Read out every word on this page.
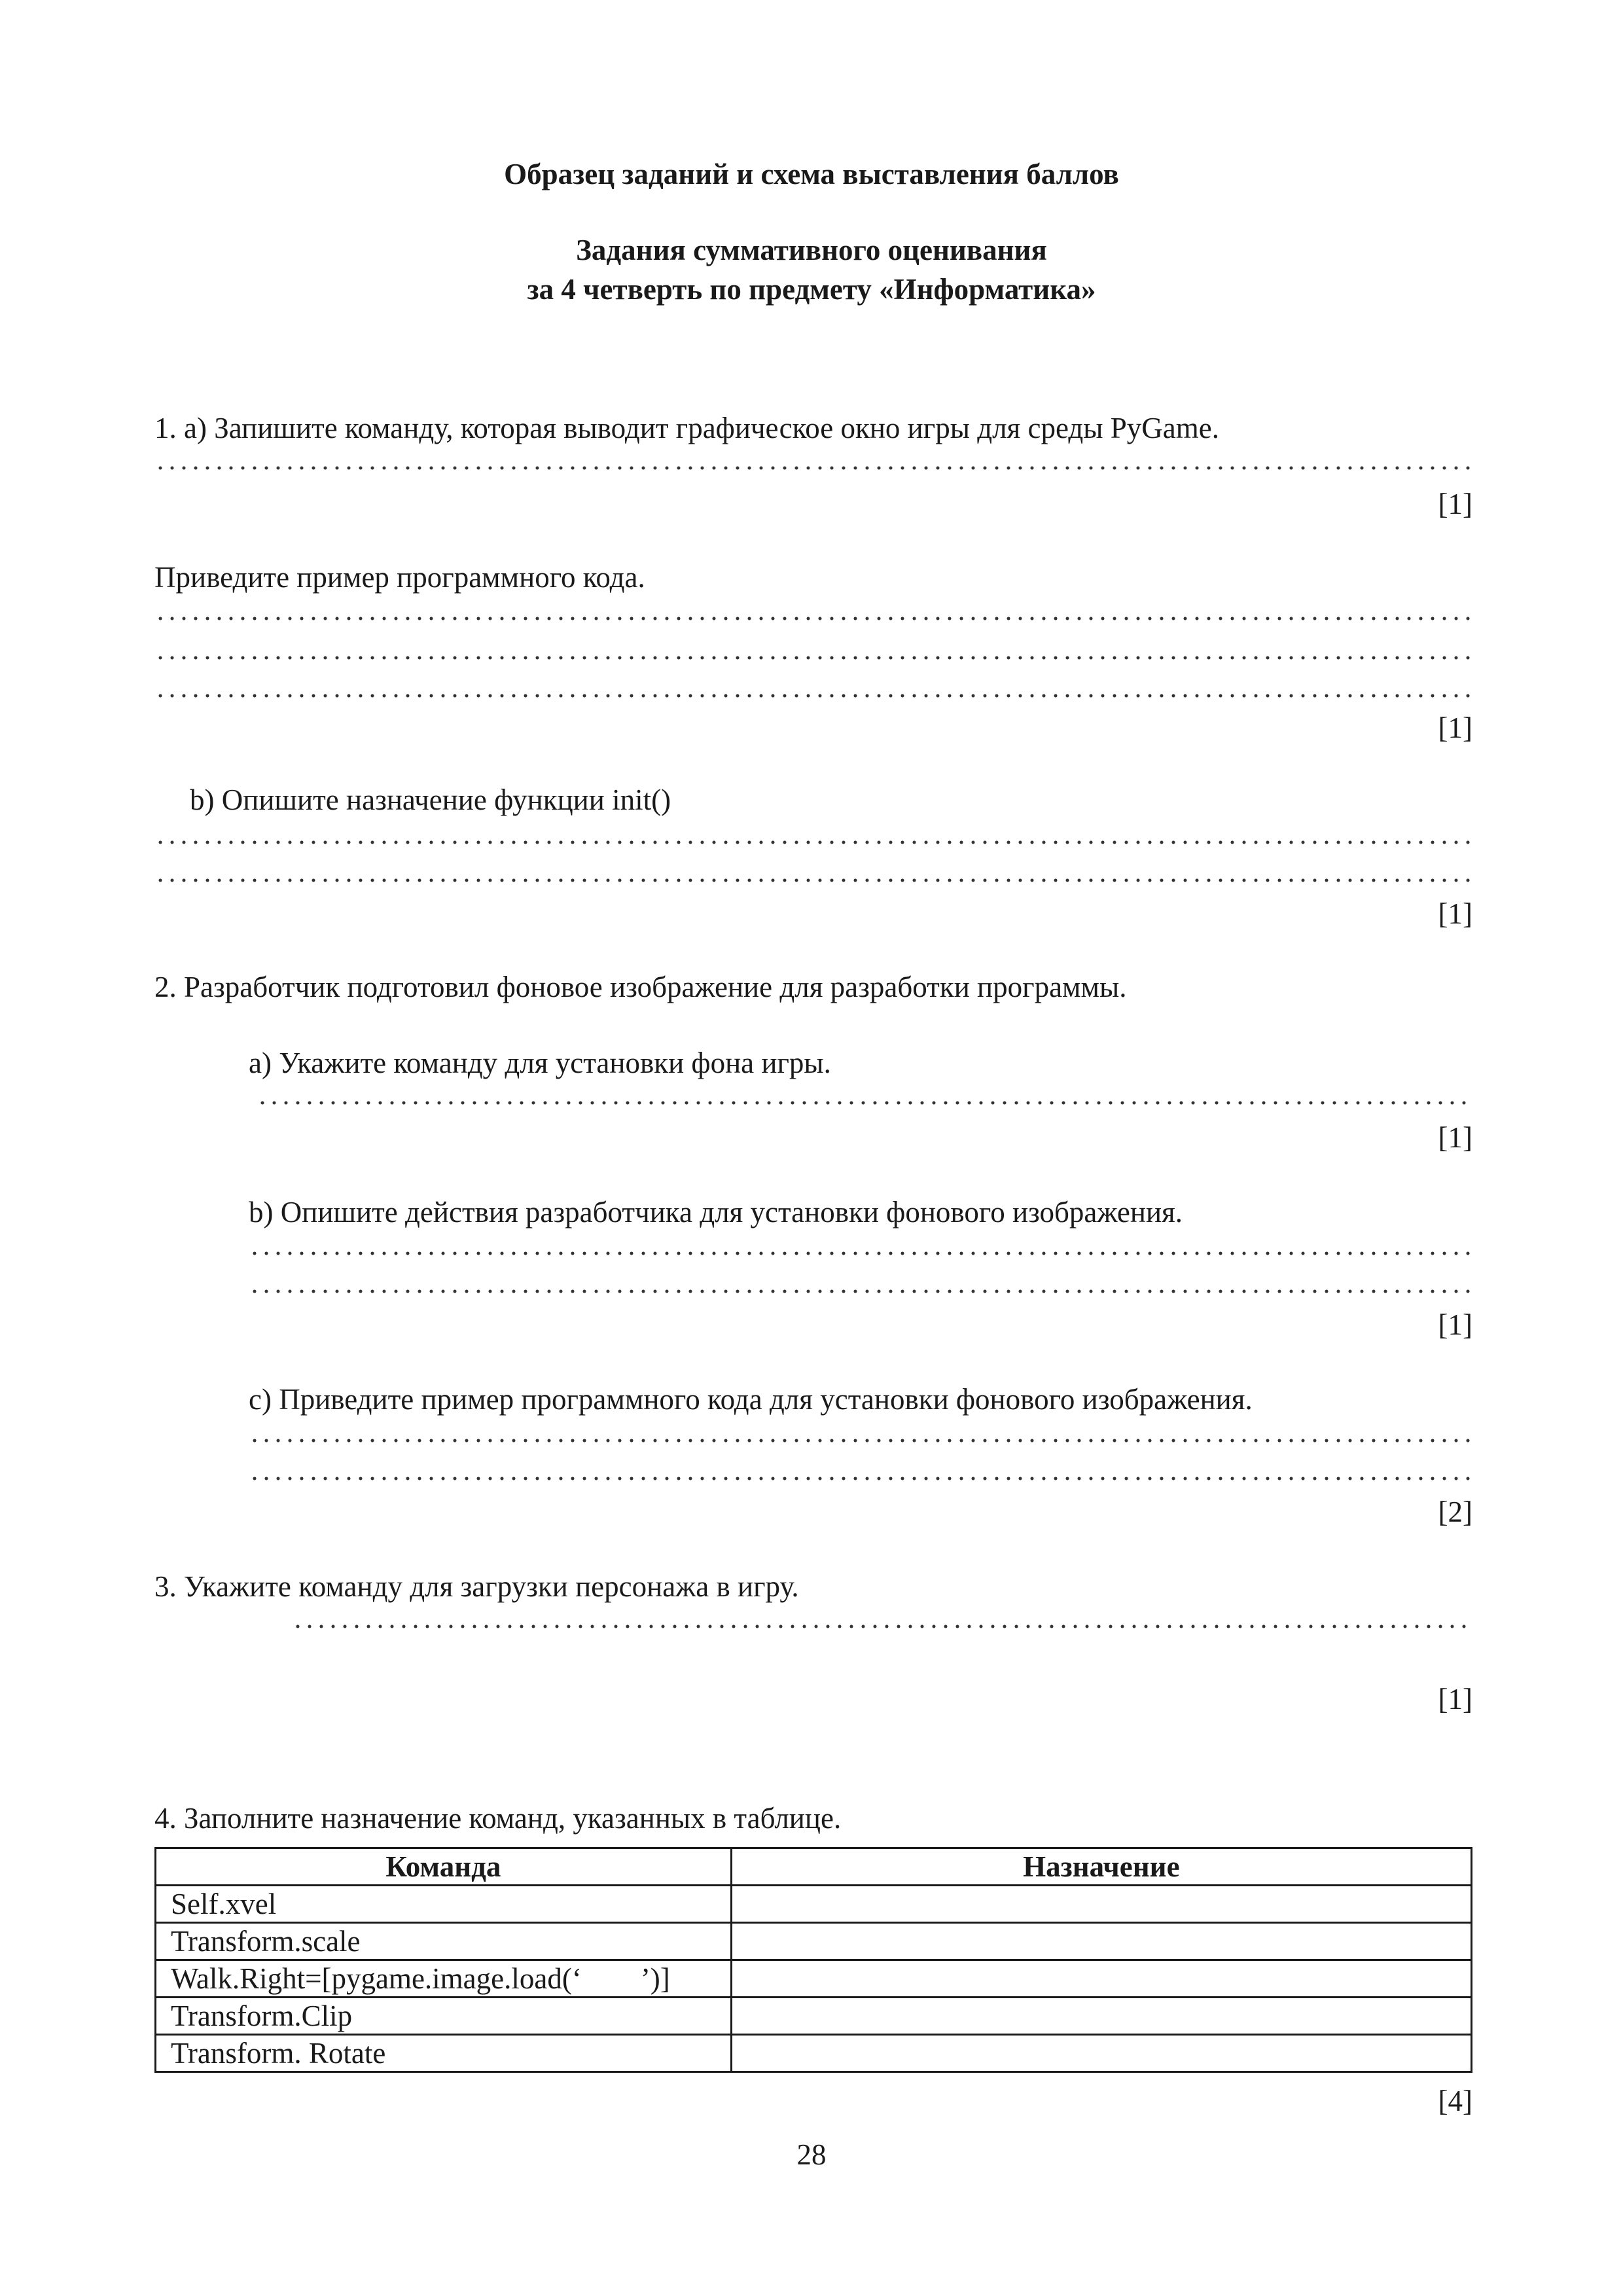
Образец заданий и схема выставления баллов
Задания суммативного оценивания
за 4 четверть по предмету «Информатика»
1. a) Запишите команду, которая выводит графическое окно игры для среды PyGame.
[1]
Приведите пример программного кода.
[1]
b) Опишите назначение функции init()
[1]
2. Разработчик подготовил фоновое изображение для разработки программы.
a) Укажите команду для установки фона игры.
[1]
b) Опишите действия разработчика для установки фонового изображения.
[1]
c) Приведите пример программного кода для установки фонового изображения.
[2]
3. Укажите команду для загрузки персонажа в игру.
[1]
4. Заполните назначение команд, указанных в таблице.
Команда	Назначение
Self.xvel	
Transform.scale	
Walk.Right=[pygame.image.load(‘        ’)]	
Transform.Clip	
Transform. Rotate	
[4]
28
